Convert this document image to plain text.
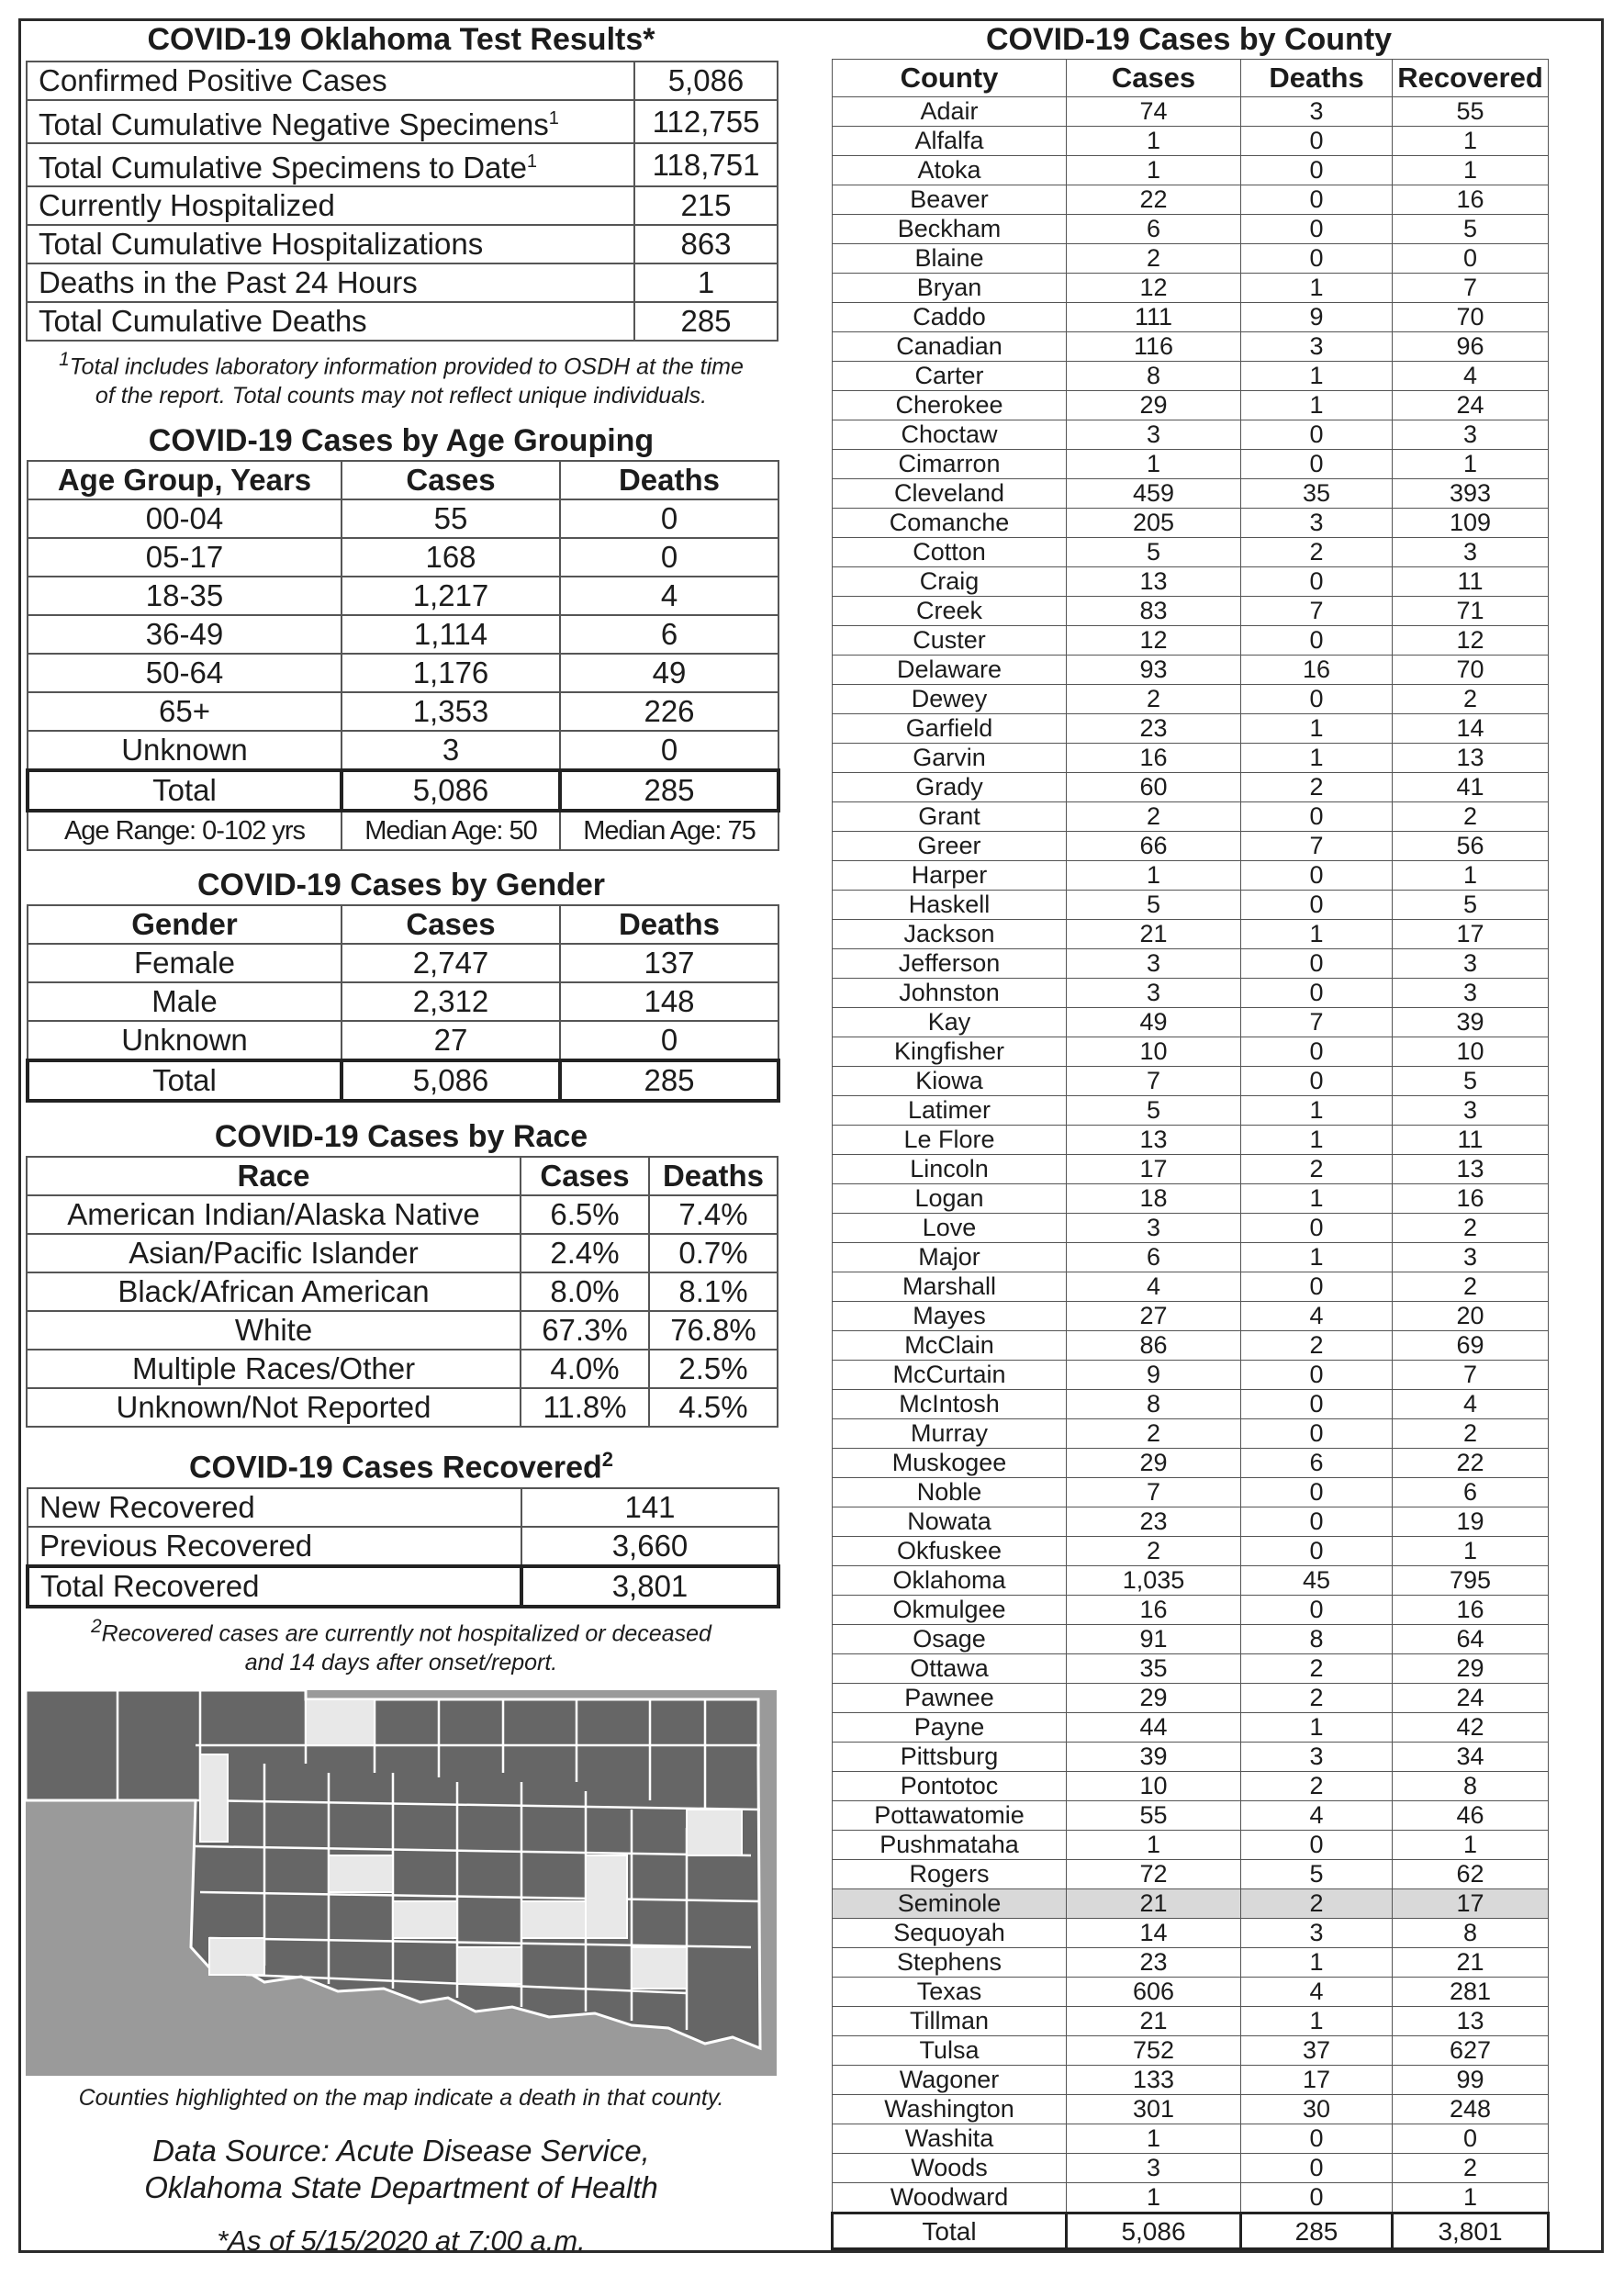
COVID-19 Oklahoma Test Results*
Confirmed Positive Cases	5,086
Total Cumulative Negative Specimens$^1$	112,755
Total Cumulative Specimens to Date$^1$	118,751
Currently Hospitalized	215
Total Cumulative Hospitalizations	863
Deaths in the Past 24 Hours	1
Total Cumulative Deaths	285

$^1$Total includes laboratory information provided to OSDH at the time
of the report. Total counts may not reflect unique individuals.

COVID-19 Cases by Age Grouping
Age Group, Years	Cases	Deaths
00-04	55	0
05-17	168	0
18-35	1,217	4
36-49	1,114	6
50-64	1,176	49
65+	1,353	226
Unknown	3	0
Total	5,086	285
Age Range: 0-102 yrs	Median Age: 50	Median Age: 75
COVID-19 Cases by Gender
Gender	Cases	Deaths
Female	2,747	137
Male	2,312	148
Unknown	27	0
Total	5,086	285
COVID-19 Cases by Race
Race	Cases	Deaths
American Indian/Alaska Native	6.5%	7.4%
Asian/Pacific Islander	2.4%	0.7%
Black/African American	8.0%	8.1%
White	67.3%	76.8%
Multiple Races/Other	4.0%	2.5%
Unknown/Not Reported	11.8%	4.5%
COVID-19 Cases Recovered$^2$
New Recovered	141
Previous Recovered	3,660
Total Recovered	3,801

$^2$Recovered cases are currently not hospitalized or deceased
and 14 days after onset/report.

Counties highlighted on the map indicate a death in that county.

Data Source: Acute Disease Service,
Oklahoma State Department of Health
*As of 5/15/2020 at 7:00 a.m.
COVID-19 Cases by County
County	Cases	Deaths	Recovered
Adair	74	3	55
Alfalfa	1	0	1
Atoka	1	0	1
Beaver	22	0	16
Beckham	6	0	5
Blaine	2	0	0
Bryan	12	1	7
Caddo	111	9	70
Canadian	116	3	96
Carter	8	1	4
Cherokee	29	1	24
Choctaw	3	0	3
Cimarron	1	0	1
Cleveland	459	35	393
Comanche	205	3	109
Cotton	5	2	3
Craig	13	0	11
Creek	83	7	71
Custer	12	0	12
Delaware	93	16	70
Dewey	2	0	2
Garfield	23	1	14
Garvin	16	1	13
Grady	60	2	41
Grant	2	0	2
Greer	66	7	56
Harper	1	0	1
Haskell	5	0	5
Jackson	21	1	17
Jefferson	3	0	3
Johnston	3	0	3
Kay	49	7	39
Kingfisher	10	0	10
Kiowa	7	0	5
Latimer	5	1	3
Le Flore	13	1	11
Lincoln	17	2	13
Logan	18	1	16
Love	3	0	2
Major	6	1	3
Marshall	4	0	2
Mayes	27	4	20
McClain	86	2	69
McCurtain	9	0	7
McIntosh	8	0	4
Murray	2	0	2
Muskogee	29	6	22
Noble	7	0	6
Nowata	23	0	19
Okfuskee	2	0	1
Oklahoma	1,035	45	795
Okmulgee	16	0	16
Osage	91	8	64
Ottawa	35	2	29
Pawnee	29	2	24
Payne	44	1	42
Pittsburg	39	3	34
Pontotoc	10	2	8
Pottawatomie	55	4	46
Pushmataha	1	0	1
Rogers	72	5	62
Seminole	21	2	17
Sequoyah	14	3	8
Stephens	23	1	21
Texas	606	4	281
Tillman	21	1	13
Tulsa	752	37	627
Wagoner	133	17	99
Washington	301	30	248
Washita	1	0	0
Woods	3	0	2
Woodward	1	0	1
Total	5,086	285	3,801
